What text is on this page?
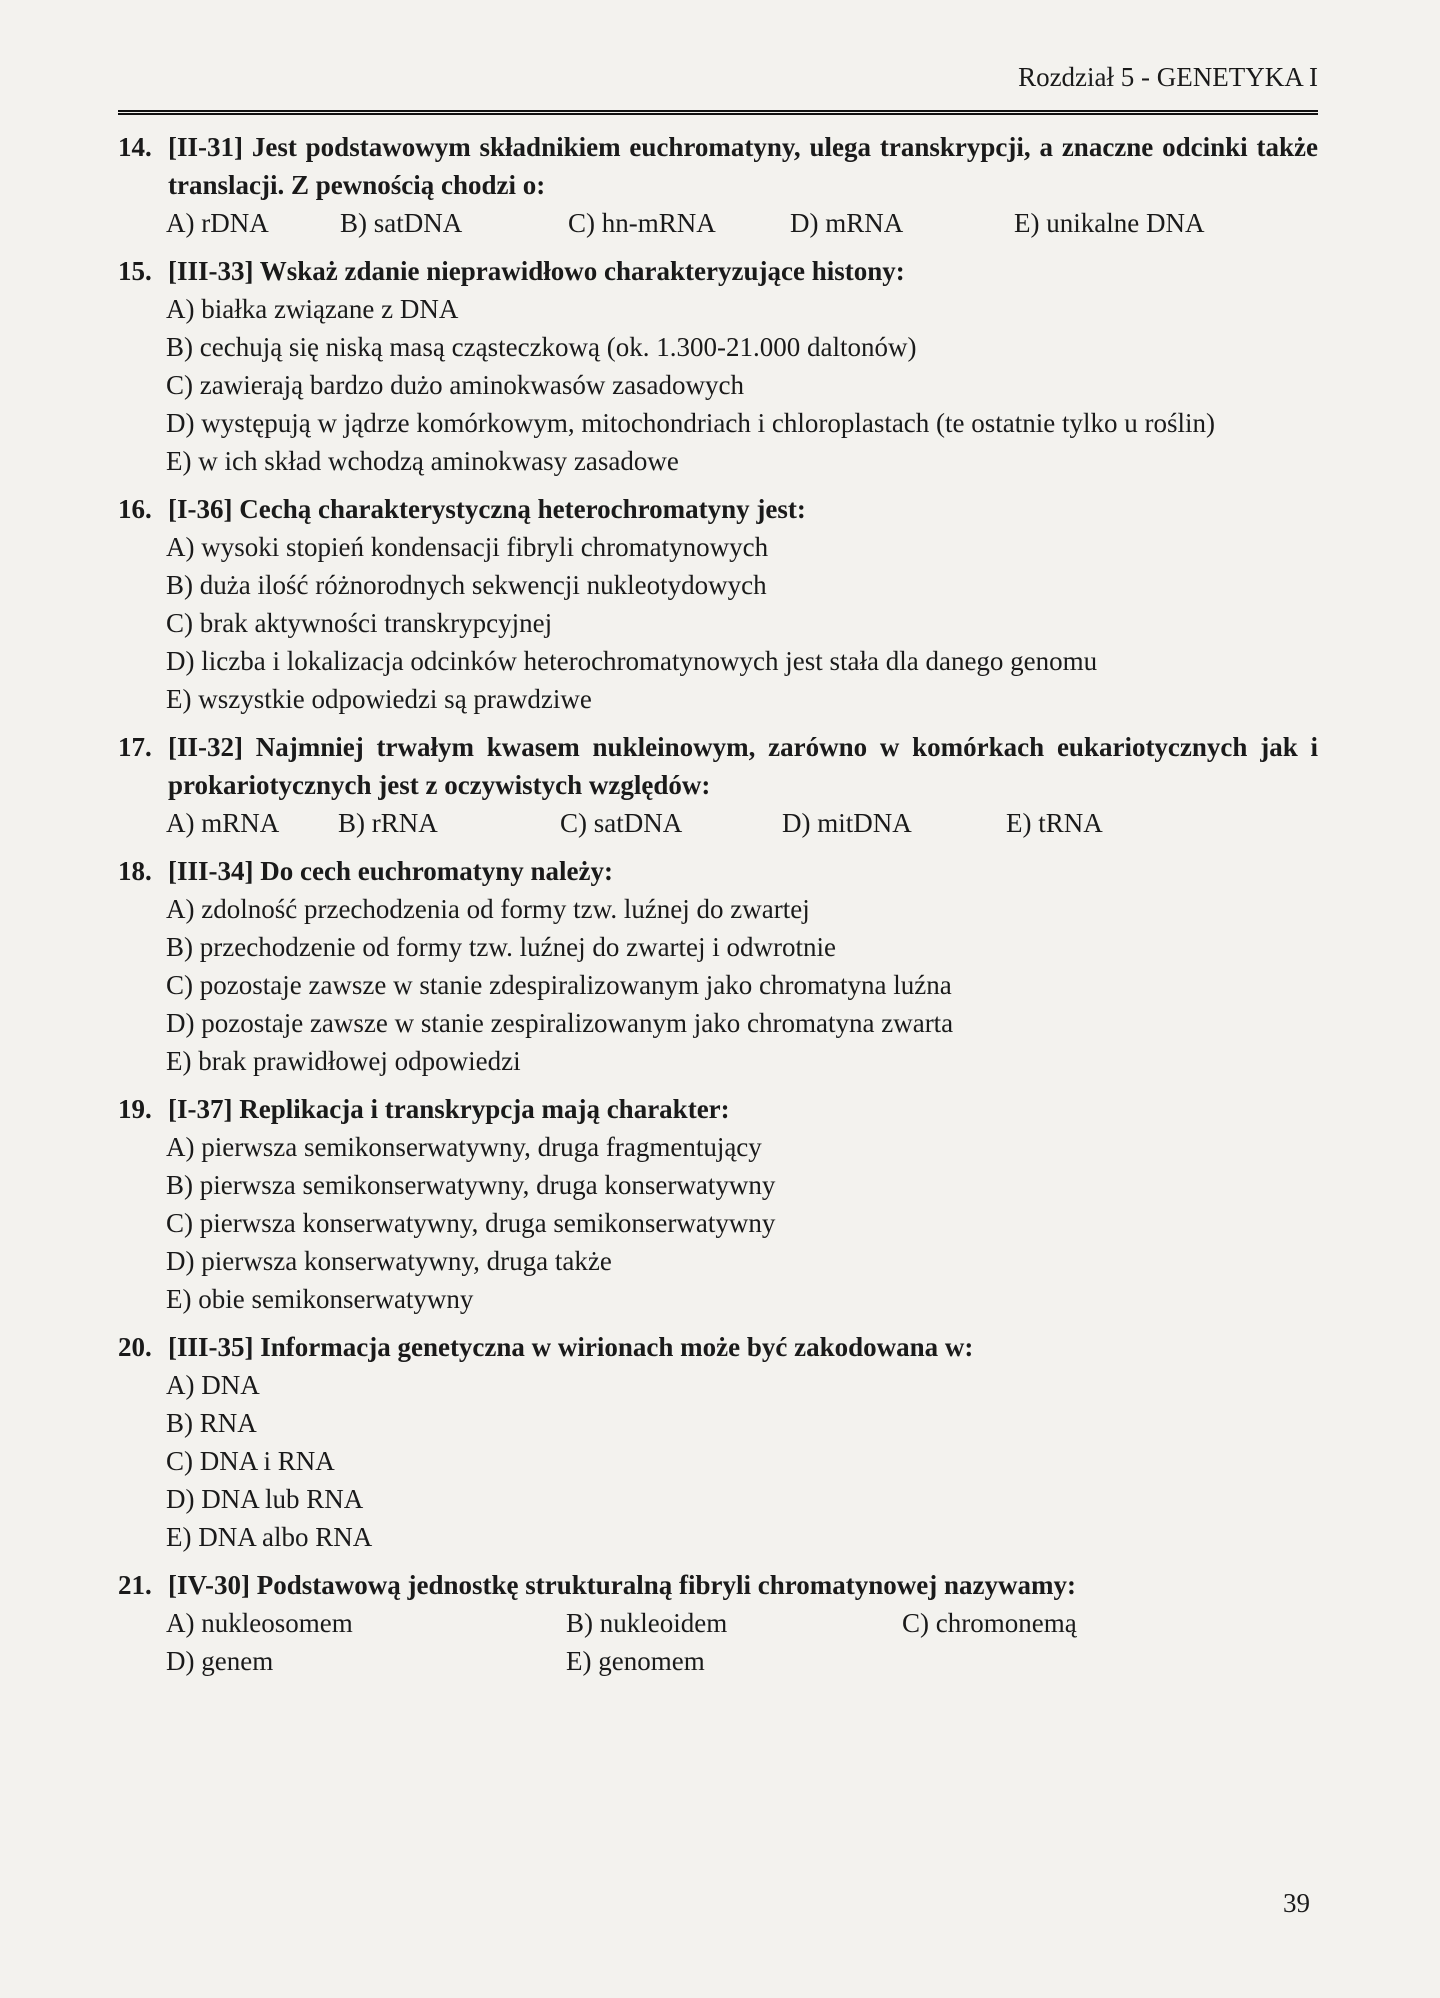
Rozdział 5 - GENETYKA I
14. [II-31] Jest podstawowym składnikiem euchromatyny, ulega transkrypcji, a znaczne odcinki także translacji. Z pewnością chodzi o:
A) rDNA	B) satDNA	C) hn-mRNA	D) mRNA	E) unikalne DNA
15. [III-33] Wskaż zdanie nieprawidłowo charakteryzujące histony:
A) białka związane z DNA
B) cechują się niską masą cząsteczkową (ok. 1.300-21.000 daltonów)
C) zawierają bardzo dużo aminokwasów zasadowych
D) występują w jądrze komórkowym, mitochondriach i chloroplastach (te ostatnie tylko u roślin)
E) w ich skład wchodzą aminokwasy zasadowe
16. [I-36] Cechą charakterystyczną heterochromatyny jest:
A) wysoki stopień kondensacji fibryli chromatynowych
B) duża ilość różnorodnych sekwencji nukleotydowych
C) brak aktywności transkrypcyjnej
D) liczba i lokalizacja odcinków heterochromatynowych jest stała dla danego genomu
E) wszystkie odpowiedzi są prawdziwe
17. [II-32] Najmniej trwałym kwasem nukleinowym, zarówno w komórkach eukariotycznych jak i prokariotycznych jest z oczywistych względów:
A) mRNA	B) rRNA	C) satDNA	D) mitDNA	E) tRNA
18. [III-34] Do cech euchromatyny należy:
A) zdolność przechodzenia od formy tzw. luźnej do zwartej
B) przechodzenie od formy tzw. luźnej do zwartej i odwrotnie
C) pozostaje zawsze w stanie zdespiralizowanym jako chromatyna luźna
D) pozostaje zawsze w stanie zespiralizowanym jako chromatyna zwarta
E) brak prawidłowej odpowiedzi
19. [I-37] Replikacja i transkrypcja mają charakter:
A) pierwsza semikonserwatywny, druga fragmentujący
B) pierwsza semikonserwatywny, druga konserwatywny
C) pierwsza konserwatywny, druga semikonserwatywny
D) pierwsza konserwatywny, druga także
E) obie semikonserwatywny
20. [III-35] Informacja genetyczna w wirionach może być zakodowana w:
A) DNA
B) RNA
C) DNA i RNA
D) DNA lub RNA
E) DNA albo RNA
21. [IV-30] Podstawową jednostkę strukturalną fibryli chromatynowej nazywamy:
A) nukleosomem	B) nukleoidem	C) chromonemą
D) genem	E) genomem
39
